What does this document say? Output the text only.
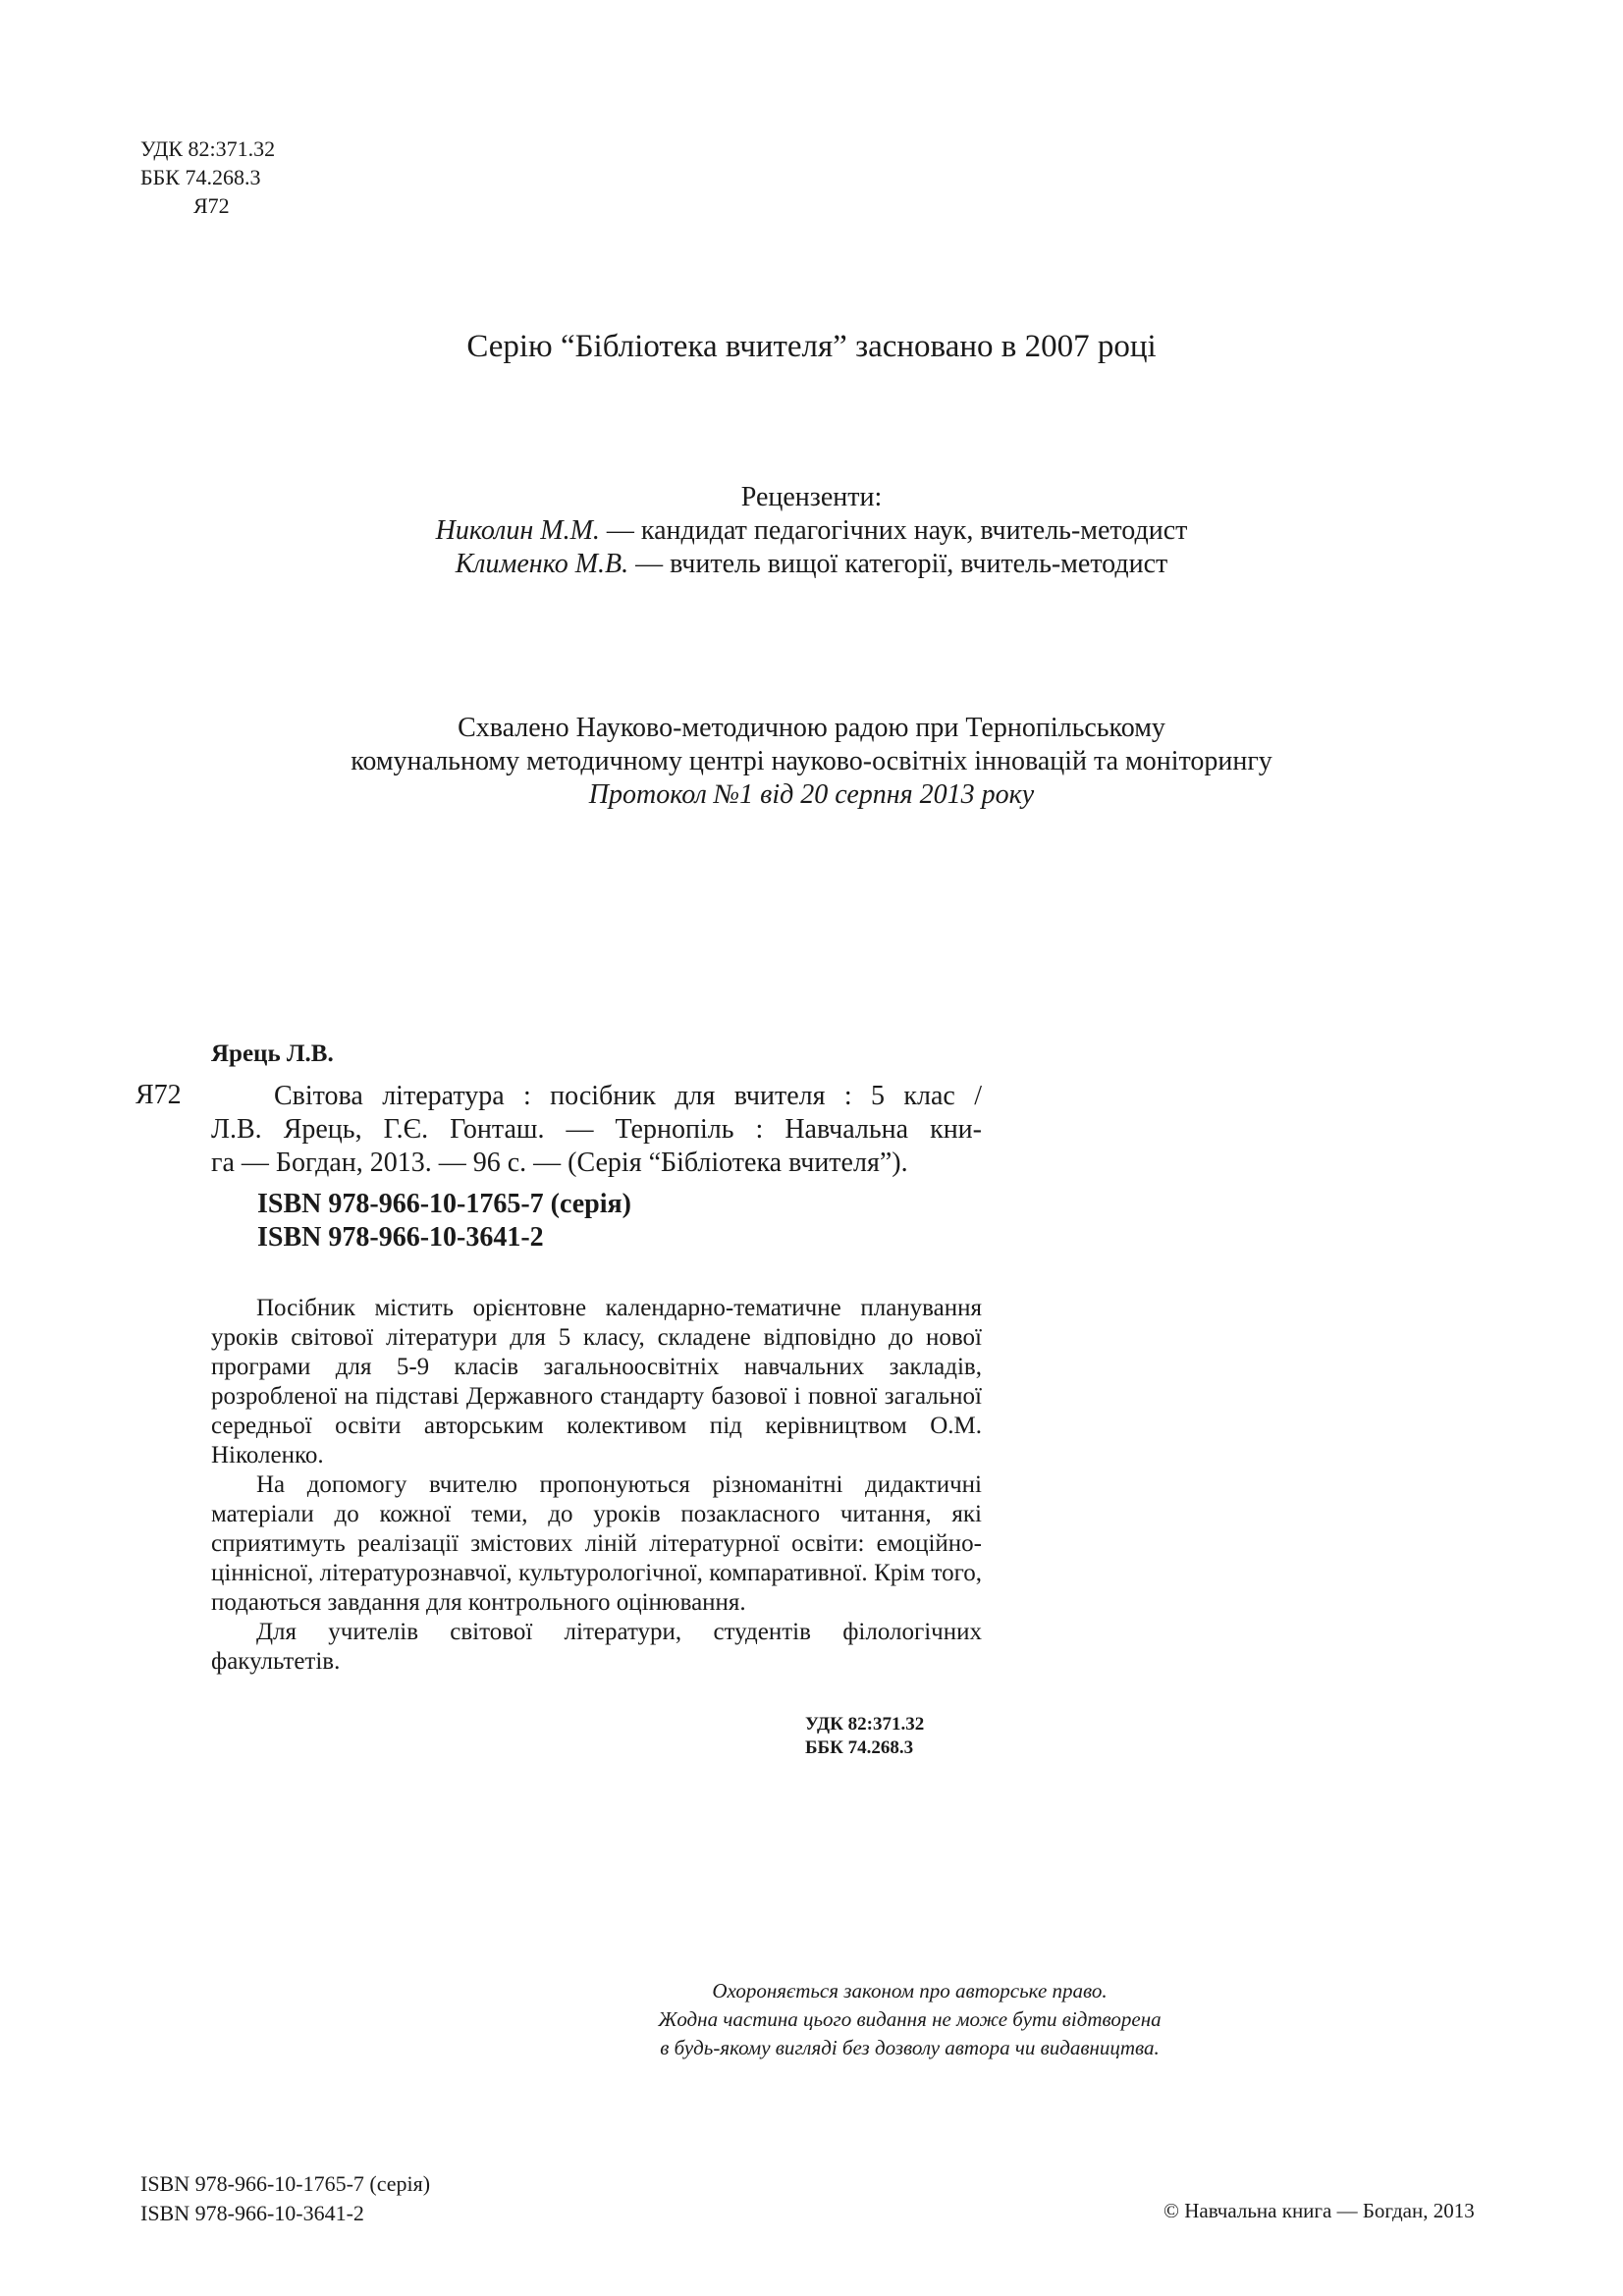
УДК 82:371.32
ББК 74.268.3
Я72
Серію “Бібліотека вчителя” засновано в 2007 році
Рецензенти:
Николин М.М. — кандидат педагогічних наук, вчитель-методист
Клименко М.В. — вчитель вищої категорії, вчитель-методист
Схвалено Науково-методичною радою при Тернопільському
комунальному методичному центрі науково-освітніх інновацій та моніторингу
Протокол №1 від 20 серпня 2013 року
Ярець Л.В.
Я72	Світова література : посібник для вчителя : 5 клас /
Л.В. Ярець, Г.Є. Гонташ. — Тернопіль : Навчальна кни-
га — Богдан, 2013. — 96 с. — (Серія “Бібліотека вчителя”).
ISBN 978-966-10-1765-7 (серія)
ISBN 978-966-10-3641-2

Посібник містить орієнтовне календарно-тематичне планування уроків світової літератури для 5 класу, складене відповідно до нової програми для 5-9 класів загальноосвітніх навчальних закладів, розробленої на підставі Державного стандарту базової і повної загальної середньої освіти авторським колективом під керівництвом О.М. Ніколенко.

На допомогу вчителю пропонуються різноманітні дидактичні матеріали до кожної теми, до уроків позакласного читання, які сприятимуть реалізації змістових ліній літературної освіти: емоційно-ціннісної, літературознавчої, культурологічної, компаративної. Крім того, подаються завдання для контрольного оцінювання.

Для учителів світової літератури, студентів філологічних факультетів.

УДК 82:371.32
ББК 74.268.3
Охороняється законом про авторське право.
Жодна частина цього видання не може бути відтворена
в будь-якому вигляді без дозволу автора чи видавництва.
ISBN 978-966-10-1765-7 (серія)
ISBN 978-966-10-3641-2	© Навчальна книга — Богдан, 2013
